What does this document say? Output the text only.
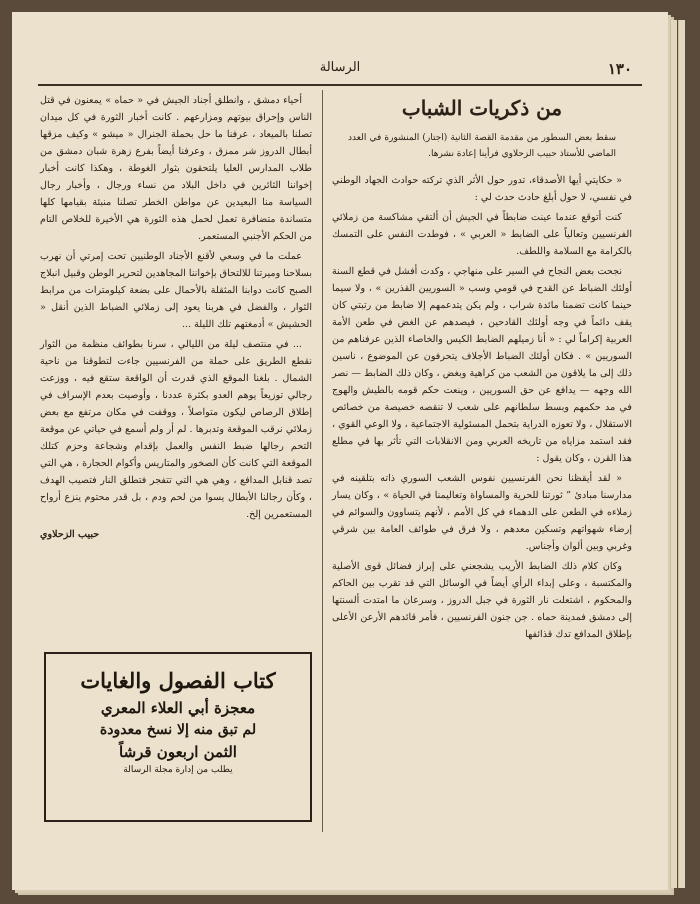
١٣٠
الرسالة
من ذكريات الشباب
سقط بعض السطور من مقدمة القصة الثانية (اجتار) المنشورة في العدد الماضي للأستاذ حبيب الزحلاوي فرأينا إعادة نشرها.

« حكايتي أيها الأصدقاء، تدور حول الأثر الذي تركته حوادث الجهاد الوطني في نفسي، لا حول أبلغ حادث حدث لي :

كنت أتوقع عندما عينت ضابطاً في الجيش أن ألتقي مشاكسة من زملائي الفرنسيين وتعالياً على الضابط « العربي » ، فوطدت النفس على التمسك بالكرامة مع السلامة واللطف.

نجحت بعض النجاح في السير على منهاجي ، وكدت أفشل في قطع السنة أولئك الضباط عن القدح في قومي وسب « السوريين القذرين » ، ولا سيما حينما كانت تضمنا مائدة شراب ، ولم يكن يتدعمهم إلا ضابط من رتبتي كان يقف دائماً في وجه أولئك القادحين ، فيصدهم عن الغض في طعن الأمة العربية إكراماً لي : « أنا زميلهم الضابط الكيس والخاصاء الذين عرفناهم من السوريين » . فكان أولئك الضباط الأجلاف يتحرفون عن الموضوع ، ناسين ذلك إلى ما يلاقون من الشعب من كراهية وبغض ، وكان ذلك الضابط — نصر الله وجهه — يدافع عن حق السوريين ، وينعت حكم قومه بالطيش والهوج في مد حكمهم وبسط سلطانهم على شعب لا تنقصه خصيصة من خصائص الاستقلال ، ولا تعوزه الدراية بتحمل المسئولية الاجتماعية ، ولا الوعي القوي ، فقد استمد مزاياه من تاريخه العربي ومن الانقلابات التي تأثر بها في مطلع هذا القرن ، وكان يقول :

« لقد أيقظنا نحن الفرنسيين نفوس الشعب السوري ذاته بتلقينه في مدارسنا مبادئ ” ثورتنا للحرية والمساواة وتعاليمنا في الحياة » ، وكان يسار زملاءه في الطعن على الدهماء في كل الأمم ، لأنهم يتساوون والسوائم في إرضاء شهواتهم وتسكين معدهم ، ولا فرق في طوائف العامة بين شرقي وغربي وبين ألوان وأجناس.

وكان كلام ذلك الضابط الأريب يشجعني على إبراز فضائل قوى الأصلية والمكتسبة ، وعلى إبداء الرأي أيضاً في الوسائل التي قد تقرب بين الحاكم والمحكوم ، اشتعلت نار الثورة في جبل الدروز ، وسرعان ما امتدت ألسنتها إلى دمشق فمدينة حماه . جن جنون الفرنسيين ، فأمر قائدهم الأرعن الأعلى بإطلاق المدافع تدك قذائفها

أحياء دمشق ، وانطلق أجناد الجيش في « حماه » يمعنون في قتل الناس وإحراق بيوتهم ومزارعهم . كانت أخبار الثورة في كل ميدان تصلنا بالميعاد ، عرفنا ما حل بحملة الجنرال « ميشو » وكيف مزقها أبطال الدروز شر ممزق ، وعرفنا أيضاً بفرع زهرة شبان دمشق من طلاب المدارس العليا يلتحقون بثوار الغوطة ، وهكذا كانت أخبار إخواننا الثائرين في داخل البلاد من نساء ورجال ، وأخبار رجال السياسة منا البعيدين عن مواطن الخطر تصلنا منبئة بقيامها كلها متساندة متضافرة تعمل لحمل هذه الثورة هي الأخيرة للخلاص التام من الحكم الأجنبي المستعمر.

عملت ما في وسعي لأقنع الأجناد الوطنيين تحت إمرتي أن نهرب بسلاحنا وميرتنا للالتحاق بإخواننا المجاهدين لتحرير الوطن وقبيل انبلاج الصبح كانت دوابنا المثقلة بالأحمال على بضعة كيلومترات من مرابط الثوار ، والفضل في هربنا يعود إلى زملائي الضباط الذين أنقل « الحشيش » أدمغتهم تلك الليلة ...

... في منتصف ليلة من الليالي ، سرنا بطوائف منظمة من الثوار نقطع الطريق على حملة من الفرنسيين جاءت لتطوقنا من ناحية الشمال . بلغنا الموقع الذي قدرت أن الواقعة ستقع فيه ، ووزعت رجالي توزيعاً يوهم العدو بكثرة عددنا ، وأوصيت بعدم الإسراف في إطلاق الرصاص ليكون متواصلاً ، ووقفت في مكان مرتفع مع بعض زملائي نرقب الموقعة وتدبرها . لم أر ولم أسمع في حياتي عن موقعة التحم رجالها ضبط النفس والعمل بإقدام وشجاعة وحزم كتلك الموقعة التي كانت كأن الصخور والمتاريس وأكوام الحجارة ، هي التي تصد قنابل المدافع ، وهي هي التي تتفجر فتطلق النار فتصيب الهدف ، وكأن رجالنا الأبطال يسوا من لحم ودم ، بل قدر محتوم ينزع أرواح المستعمرين إلخ.

حبيب الزحلاوي

كتاب الفصول والغايات
معجزة أبي العلاء المعري
لم تبق منه إلا نسخ معدودة
الثمن اربعون قرشاً
يطلب من إدارة مجلة الرسالة
